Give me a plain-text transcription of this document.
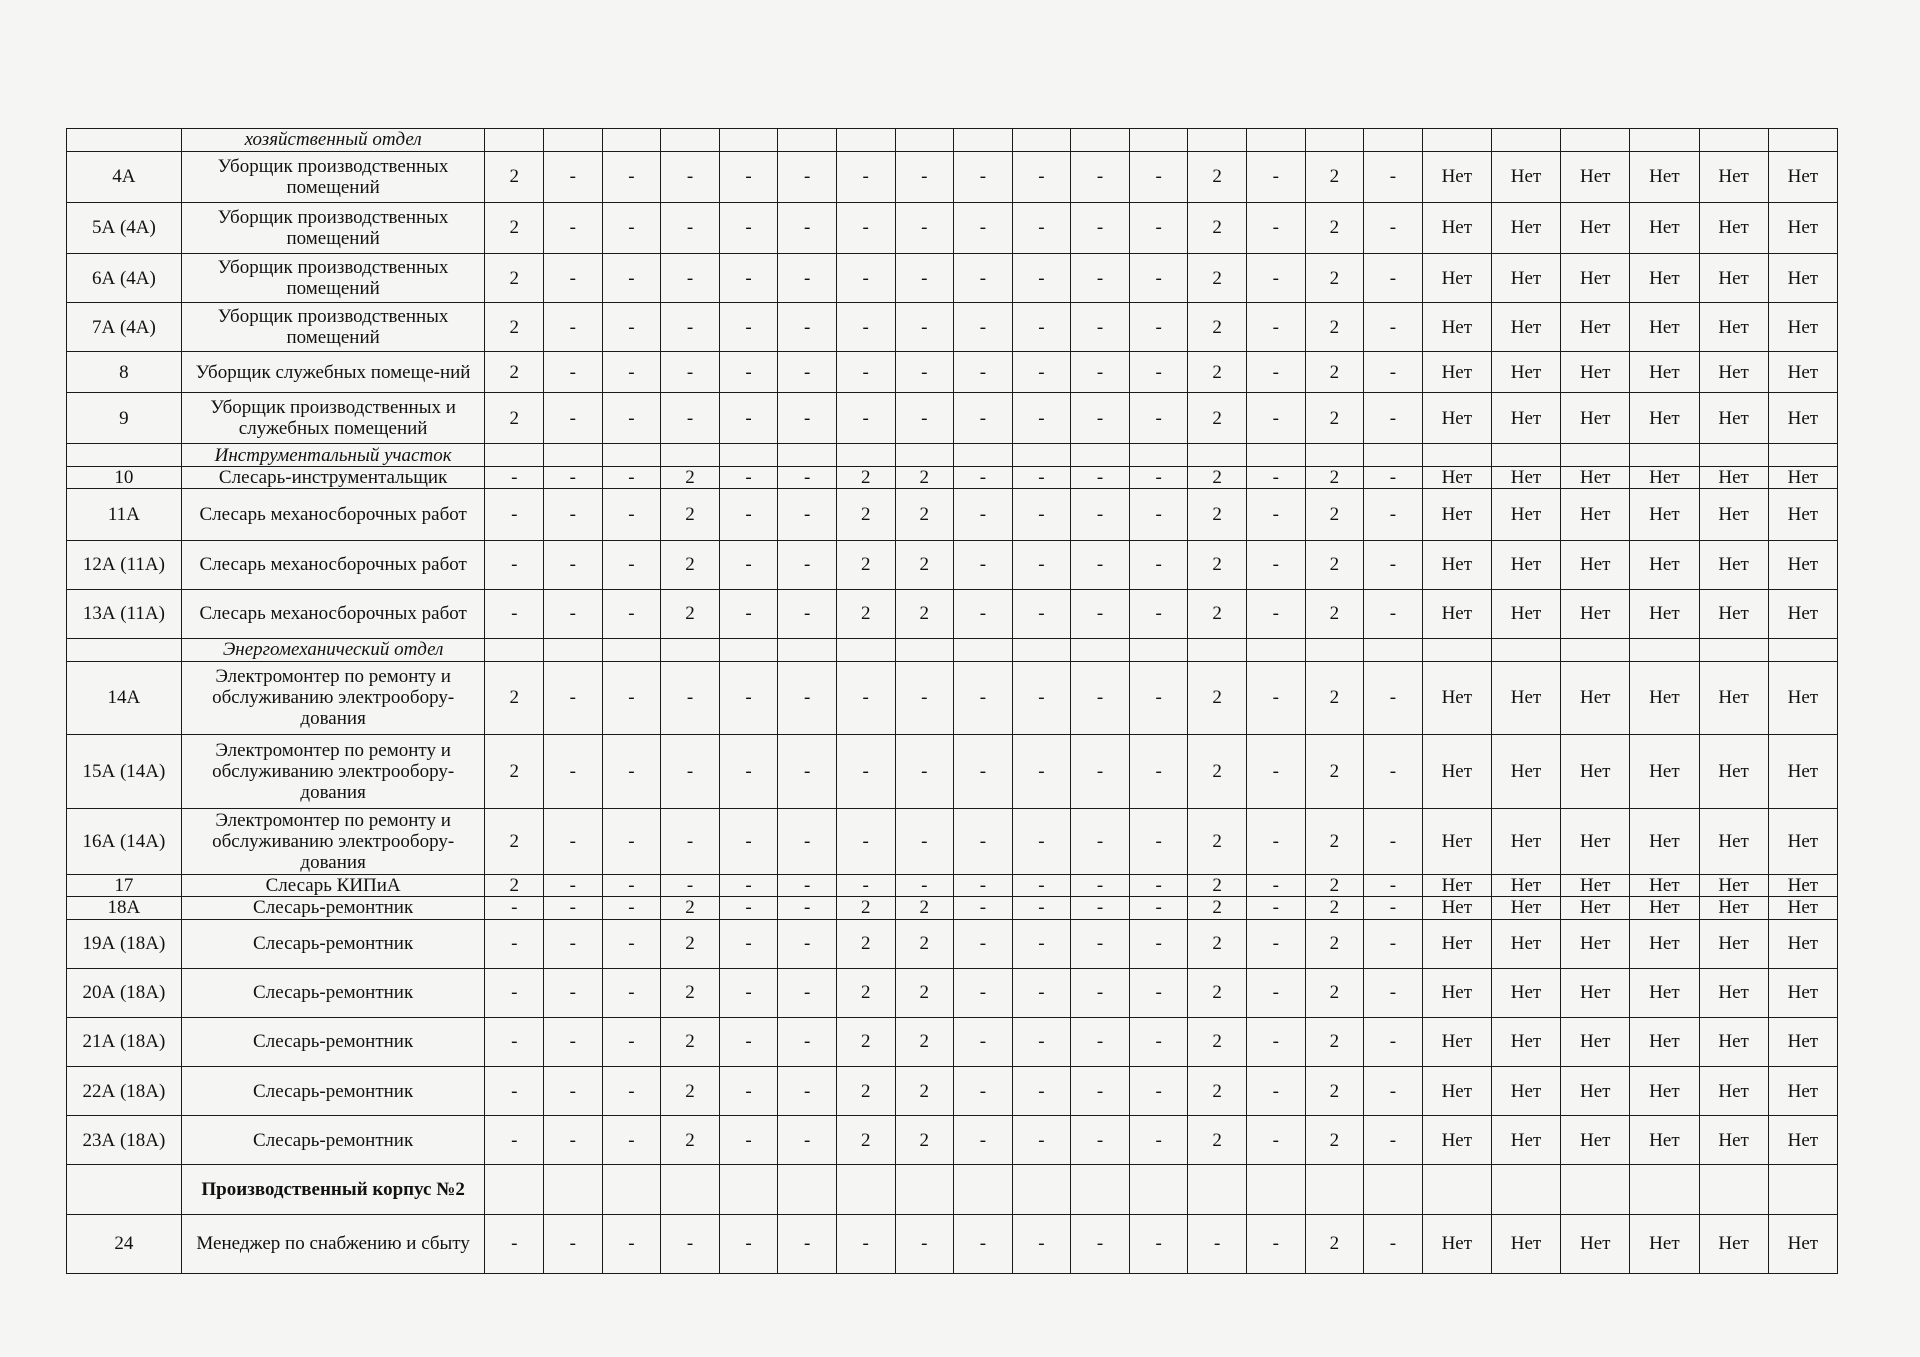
	хозяйственный отдел																						
4А	Уборщик производственных помещений	2	-	-	-	-	-	-	-	-	-	-	-	2	-	2	-	Нет	Нет	Нет	Нет	Нет	Нет
5А (4А)	Уборщик производственных помещений	2	-	-	-	-	-	-	-	-	-	-	-	2	-	2	-	Нет	Нет	Нет	Нет	Нет	Нет
6А (4А)	Уборщик производственных помещений	2	-	-	-	-	-	-	-	-	-	-	-	2	-	2	-	Нет	Нет	Нет	Нет	Нет	Нет
7А (4А)	Уборщик производственных помещений	2	-	-	-	-	-	-	-	-	-	-	-	2	-	2	-	Нет	Нет	Нет	Нет	Нет	Нет
8	Уборщик служебных помеще-ний	2	-	-	-	-	-	-	-	-	-	-	-	2	-	2	-	Нет	Нет	Нет	Нет	Нет	Нет
9	Уборщик производственных и служебных помещений	2	-	-	-	-	-	-	-	-	-	-	-	2	-	2	-	Нет	Нет	Нет	Нет	Нет	Нет
	Инструментальный участок																						
10	Слесарь-инструментальщик	-	-	-	2	-	-	2	2	-	-	-	-	2	-	2	-	Нет	Нет	Нет	Нет	Нет	Нет
11А	Слесарь механосборочных работ	-	-	-	2	-	-	2	2	-	-	-	-	2	-	2	-	Нет	Нет	Нет	Нет	Нет	Нет
12А (11А)	Слесарь механосборочных работ	-	-	-	2	-	-	2	2	-	-	-	-	2	-	2	-	Нет	Нет	Нет	Нет	Нет	Нет
13А (11А)	Слесарь механосборочных работ	-	-	-	2	-	-	2	2	-	-	-	-	2	-	2	-	Нет	Нет	Нет	Нет	Нет	Нет
	Энергомеханический отдел																						
14А	Электромонтер по ремонту и обслуживанию электрообору-дования	2	-	-	-	-	-	-	-	-	-	-	-	2	-	2	-	Нет	Нет	Нет	Нет	Нет	Нет
15А (14А)	Электромонтер по ремонту и обслуживанию электрообору-дования	2	-	-	-	-	-	-	-	-	-	-	-	2	-	2	-	Нет	Нет	Нет	Нет	Нет	Нет
16А (14А)	Электромонтер по ремонту и обслуживанию электрообору-дования	2	-	-	-	-	-	-	-	-	-	-	-	2	-	2	-	Нет	Нет	Нет	Нет	Нет	Нет
17	Слесарь КИПиА	2	-	-	-	-	-	-	-	-	-	-	-	2	-	2	-	Нет	Нет	Нет	Нет	Нет	Нет
18А	Слесарь-ремонтник	-	-	-	2	-	-	2	2	-	-	-	-	2	-	2	-	Нет	Нет	Нет	Нет	Нет	Нет
19А (18А)	Слесарь-ремонтник	-	-	-	2	-	-	2	2	-	-	-	-	2	-	2	-	Нет	Нет	Нет	Нет	Нет	Нет
20А (18А)	Слесарь-ремонтник	-	-	-	2	-	-	2	2	-	-	-	-	2	-	2	-	Нет	Нет	Нет	Нет	Нет	Нет
21А (18А)	Слесарь-ремонтник	-	-	-	2	-	-	2	2	-	-	-	-	2	-	2	-	Нет	Нет	Нет	Нет	Нет	Нет
22А (18А)	Слесарь-ремонтник	-	-	-	2	-	-	2	2	-	-	-	-	2	-	2	-	Нет	Нет	Нет	Нет	Нет	Нет
23А (18А)	Слесарь-ремонтник	-	-	-	2	-	-	2	2	-	-	-	-	2	-	2	-	Нет	Нет	Нет	Нет	Нет	Нет
	Производственный корпус №2																						
24	Менеджер по снабжению и сбыту	-	-	-	-	-	-	-	-	-	-	-	-	-	-	2	-	Нет	Нет	Нет	Нет	Нет	Нет
